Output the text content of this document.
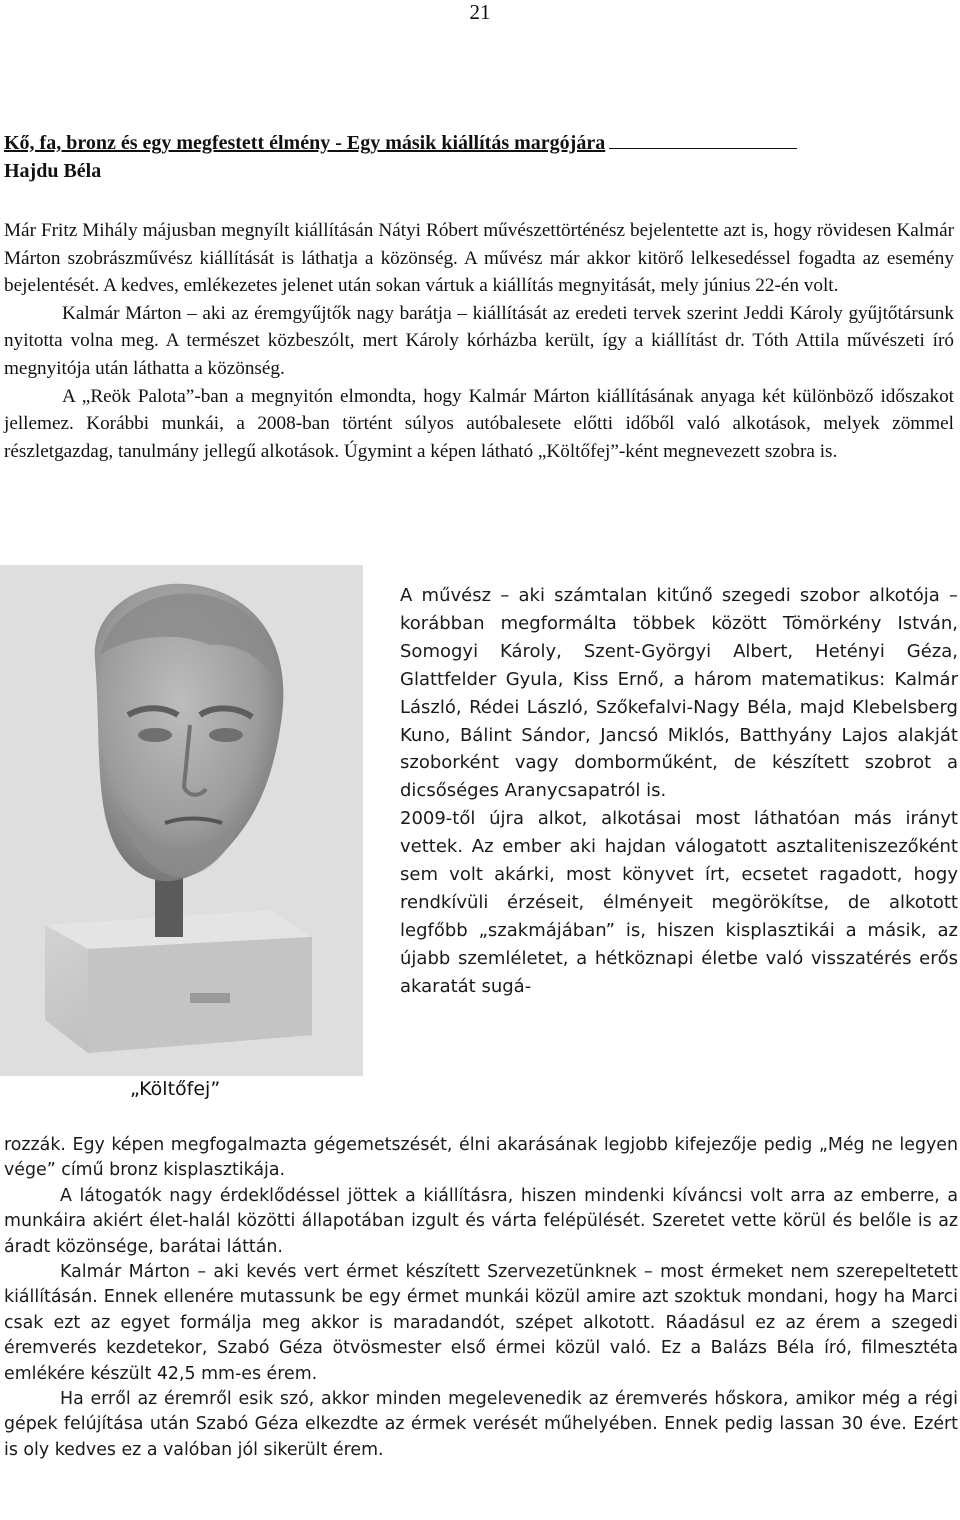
21
Kő, fa, bronz és egy megfestett élmény - Egy másik kiállítás margójára
Hajdu Béla

Már Fritz Mihály májusban megnyílt kiállításán Nátyi Róbert művészettörténész bejelentette azt is, hogy rövidesen Kalmár Márton szobrászművész kiállítását is láthatja a közönség. A művész már akkor kitörő lelkesedéssel fogadta az esemény bejelentését. A kedves, emlékezetes jelenet után sokan vártuk a kiállítás megnyitását, mely június 22-én volt.

Kalmár Márton – aki az éremgyűjtők nagy barátja – kiállítását az eredeti tervek szerint Jeddi Károly gyűjtőtársunk nyitotta volna meg. A természet közbeszólt, mert Károly kórházba került, így a kiállítást dr. Tóth Attila művészeti író megnyitója után láthatta a közönség.

A „Reök Palota”-ban a megnyitón elmondta, hogy Kalmár Márton kiállításának anyaga két különböző időszakot jellemez. Korábbi munkái, a 2008-ban történt súlyos autóbalesete előtti időből való alkotások, melyek zömmel részletgazdag, tanulmány jellegű alkotások. Úgymint a képen látható „Költőfej”-ként megnevezett szobra is.

„Költőfej”

A művész – aki számtalan kitűnő szegedi szobor alkotója – korábban megformálta többek között Tömörkény István, Somogyi Károly, Szent-Györgyi Albert, Hetényi Géza, Glattfelder Gyula, Kiss Ernő, a három matematikus: Kalmár László, Rédei László, Szőkefalvi-Nagy Béla, majd Klebelsberg Kuno, Bálint Sándor, Jancsó Miklós, Batthyány Lajos alakját szoborként vagy domborműként, de készített szobrot a dicsőséges Aranycsapatról is.

2009-től újra alkot, alkotásai most láthatóan más irányt vettek. Az ember aki hajdan válogatott asztaliteniszezőként sem volt akárki, most könyvet írt, ecsetet ragadott, hogy rendkívüli érzéseit, élményeit megörökítse, de alkotott legfőbb „szakmájában” is, hiszen kisplasztikái a másik, az újabb szemléletet, a hétköznapi életbe való visszatérés erős akaratát sugá-

rozzák. Egy képen megfogalmazta gégemetszését, élni akarásának legjobb kifejezője pedig „Még ne legyen vége” című bronz kisplasztikája.

A látogatók nagy érdeklődéssel jöttek a kiállításra, hiszen mindenki kíváncsi volt arra az emberre, a munkáira akiért élet-halál közötti állapotában izgult és várta felépülését. Szeretet vette körül és belőle is az áradt közönsége, barátai láttán.

Kalmár Márton – aki kevés vert érmet készített Szervezetünknek – most érmeket nem szerepeltetett kiállításán. Ennek ellenére mutassunk be egy érmet munkái közül amire azt szoktuk mondani, hogy ha Marci csak ezt az egyet formálja meg akkor is maradandót, szépet alkotott. Ráadásul ez az érem a szegedi éremverés kezdetekor, Szabó Géza ötvösmester első érmei közül való. Ez a Balázs Béla író, filmesztéta emlékére készült 42,5 mm-es érem.

Ha erről az éremről esik szó, akkor minden megelevenedik az éremverés hőskora, amikor még a régi gépek felújítása után Szabó Géza elkezdte az érmek verését műhelyében. Ennek pedig lassan 30 éve. Ezért is oly kedves ez a valóban jól sikerült érem.
